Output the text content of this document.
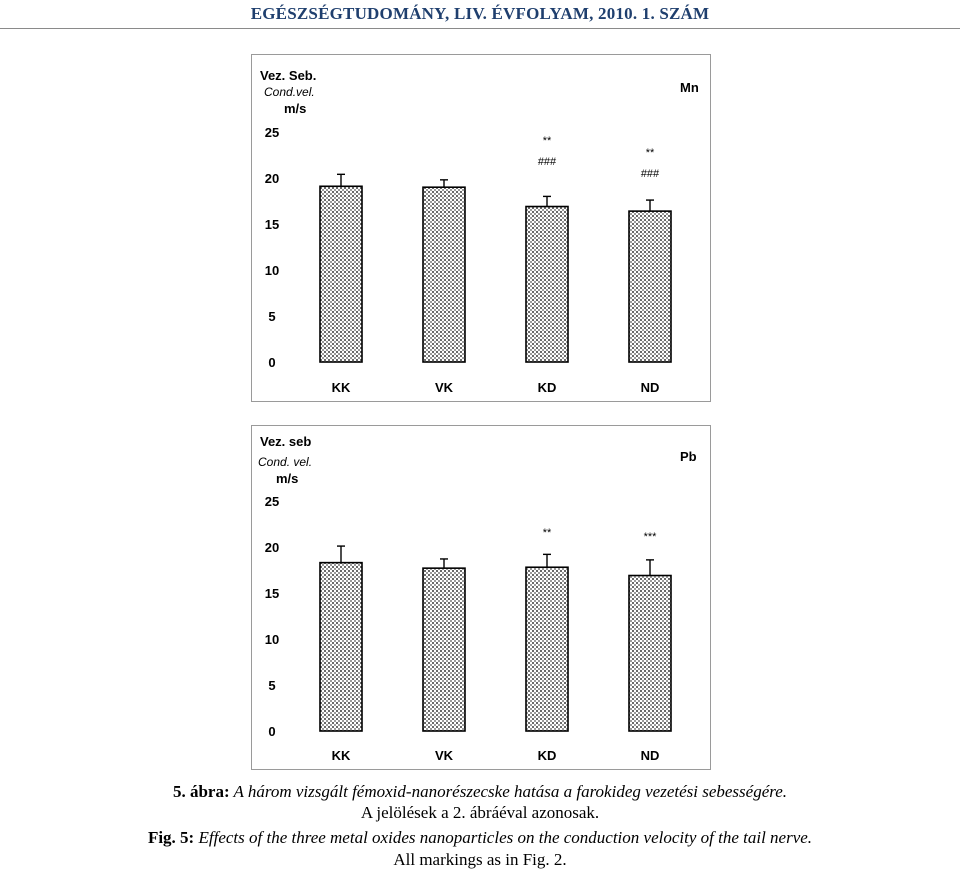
EGÉSZSÉGTUDOMÁNY, LIV. ÉVFOLYAM, 2010. 1. SZÁM
Vez. Seb.
Cond.vel.
m/s
Mn
0
5
10
15
20
25
KK	VK	KD	ND
**
###
**
###
Vez. seb
Cond. vel.
m/s
Pb
0
5
10
15
20
25
KK	VK	KD	ND
**	***
5. ábra: A három vizsgált fémoxid-nanorészecske hatása a farokideg vezetési sebességére.
A jelölések a 2. ábráéval azonosak.
Fig. 5: Effects of the three metal oxides nanoparticles on the conduction velocity of the tail nerve.
All markings as in Fig. 2.
